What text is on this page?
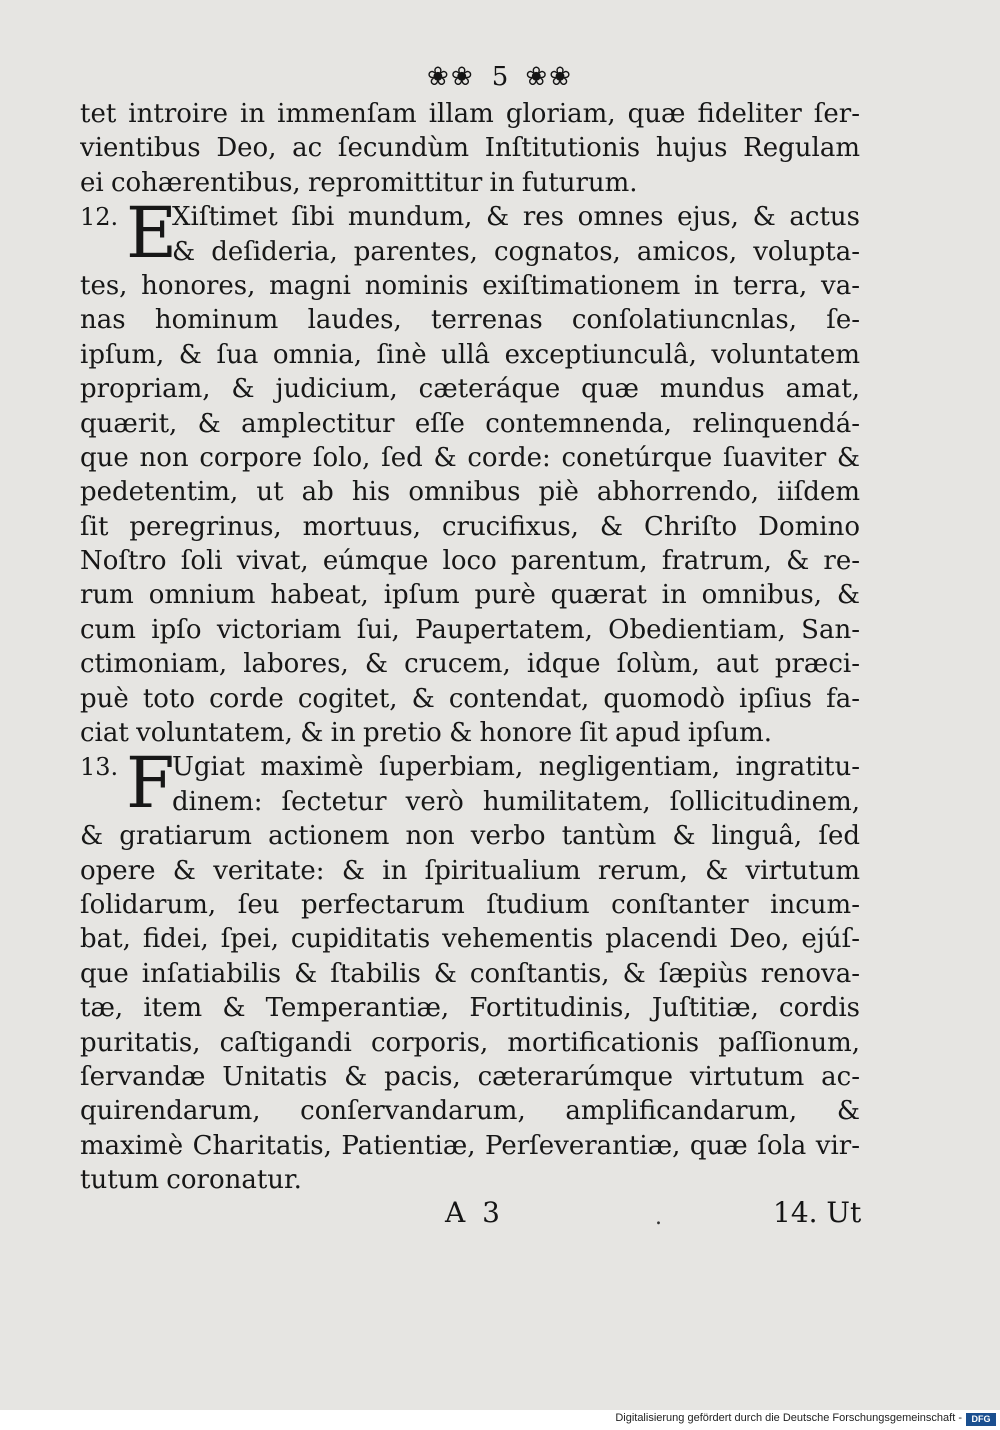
❀❀ 5 ❀❀
tet introire in immenſam illam gloriam, quæ fideliter ſer-
vientibus Deo, ac ſecundùm Inſtitutionis hujus Regulam
ei cohærentibus, repromittitur in futurum.
12. E
Xiſtimet ſibi mundum, & res omnes ejus, & actus
& deſideria, parentes, cognatos, amicos, volupta-
tes, honores, magni nominis exiſtimationem in terra, va-
nas hominum laudes, terrenas conſolatiuncnlas, ſe-
ipſum, & ſua omnia, ſinè ullâ exceptiunculâ, voluntatem
propriam, & judicium, cæteráque quæ mundus amat,
quærit, & amplectitur eſſe contemnenda, relinquendá-
que non corpore ſolo, ſed & corde: conetúrque ſuaviter &
pedetentim, ut ab his omnibus piè abhorrendo, iiſdem
ſit peregrinus, mortuus, crucifixus, & Chriſto Domino
Noſtro ſoli vivat, eúmque loco parentum, fratrum, & re-
rum omnium habeat, ipſum purè quærat in omnibus, &
cum ipſo victoriam ſui, Paupertatem, Obedientiam, San-
ctimoniam, labores, & crucem, idque ſolùm, aut præci-
puè toto corde cogitet, & contendat, quomodò ipſius fa-
ciat voluntatem, & in pretio & honore ſit apud ipſum.
13. F
Ugiat maximè ſuperbiam, negligentiam, ingratitu-
dinem: ſectetur verò humilitatem, ſollicitudinem,
& gratiarum actionem non verbo tantùm & linguâ, ſed
opere & veritate: & in ſpiritualium rerum, & virtutum
ſolidarum, ſeu perfectarum ſtudium conſtanter incum-
bat, fidei, ſpei, cupiditatis vehementis placendi Deo, ejúſ-
que inſatiabilis & ſtabilis & conſtantis, & ſæpiùs renova-
tæ, item & Temperantiæ, Fortitudinis, Juſtitiæ, cordis
puritatis, caſtigandi corporis, mortificationis paſſionum,
ſervandæ Unitatis & pacis, cæterarúmque virtutum ac-
quirendarum, conſervandarum, amplificandarum, &
maximè Charitatis, Patientiæ, Perſeverantiæ, quæ ſola vir-
tutum coronatur.
A 3	.	14. Ut
Digitalisierung gefördert durch die Deutsche Forschungsgemeinschaft -	DFG
